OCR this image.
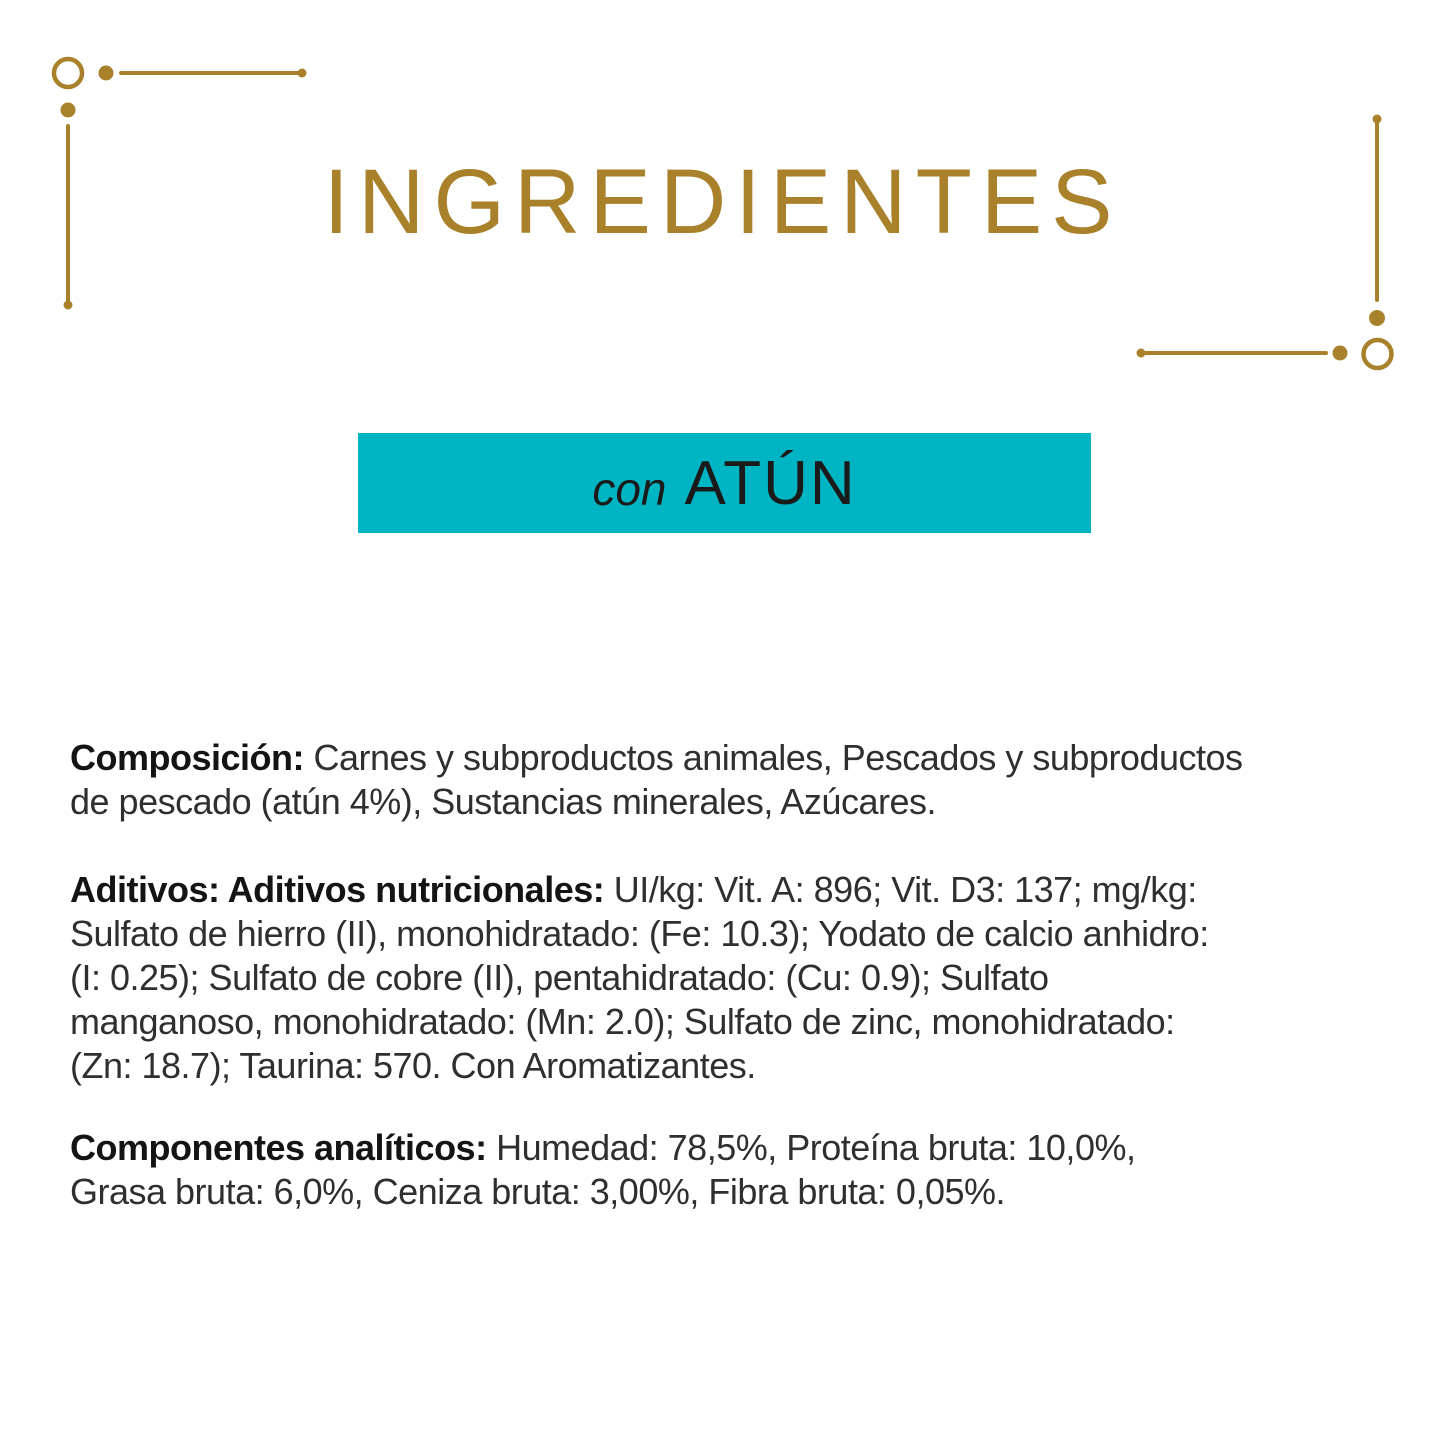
INGREDIENTES
con ATÚN
Composición: Carnes y subproductos animales, Pescados y subproductos
de pescado (atún 4%), Sustancias minerales, Azúcares.
Aditivos: Aditivos nutricionales: UI/kg: Vit. A: 896; Vit. D3: 137; mg/kg:
Sulfato de hierro (II), monohidratado: (Fe: 10.3); Yodato de calcio anhidro:
(I: 0.25); Sulfato de cobre (II), pentahidratado: (Cu: 0.9); Sulfato
manganoso, monohidratado: (Mn: 2.0); Sulfato de zinc, monohidratado:
(Zn: 18.7); Taurina: 570. Con Aromatizantes.
Componentes analíticos: Humedad: 78,5%, Proteína bruta: 10,0%,
Grasa bruta: 6,0%, Ceniza bruta: 3,00%, Fibra bruta: 0,05%.
